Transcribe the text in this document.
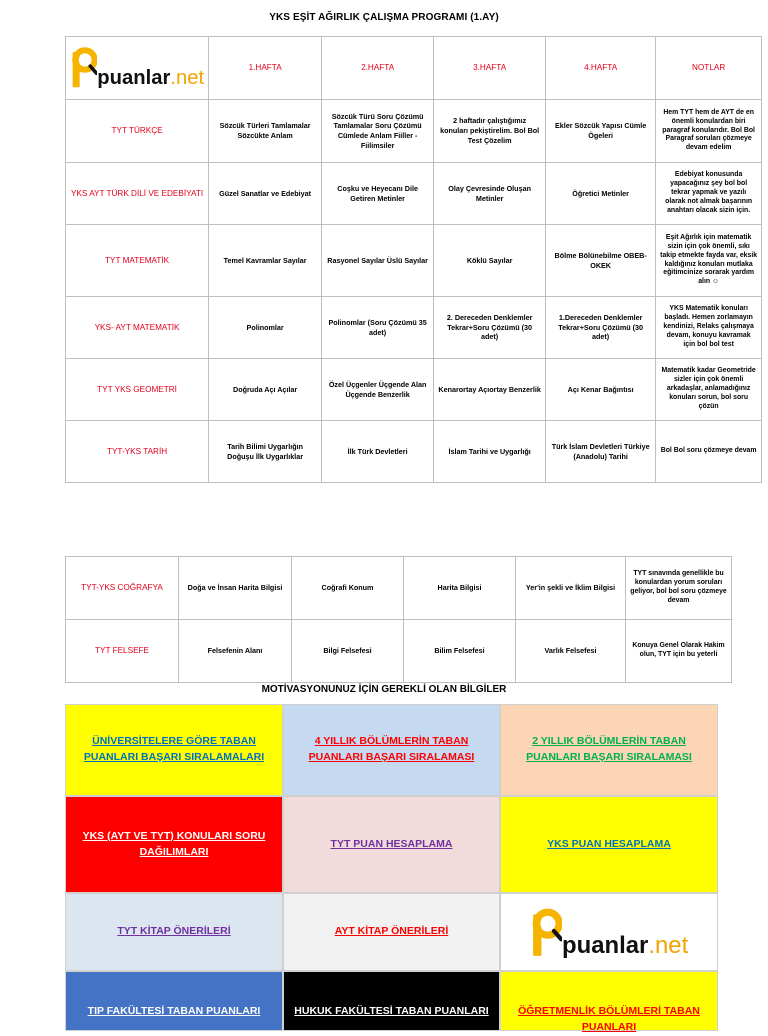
YKS EŞİT AĞIRLIK ÇALIŞMA PROGRAMI (1.AY)
puanlar.net	1.HAFTA	2.HAFTA	3.HAFTA	4.HAFTA	NOTLAR
TYT TÜRKÇE	Sözcük Türleri Tamlamalar Sözcükte Anlam	Sözcük Türü Soru Çözümü Tamlamalar Soru Çözümü Cümlede Anlam Fiiller -Fiilimsiler	2 haftadır çalıştığımız konuları pekiştirelim. Bol Bol Test Çözelim	Ekler Sözcük Yapısı Cümle Ögeleri	Hem TYT hem de AYT de en önemli konulardan biri paragraf konularıdır. Bol Bol Paragraf soruları çözmeye devam edelim
YKS AYT TÜRK DİLİ VE EDEBİYATI	Güzel Sanatlar ve Edebiyat	Coşku ve Heyecanı Dile Getiren Metinler	Olay Çevresinde Oluşan Metinler	Öğretici Metinler	Edebiyat konusunda yapacağınız şey bol bol tekrar yapmak ve yazılı olarak not almak başarının anahtarı olacak sizin için.
TYT MATEMATİK	Temel Kavramlar Sayılar	Rasyonel Sayılar Üslü Sayılar	Köklü Sayılar	Bölme Bölünebilme OBEB-OKEK	Eşit Ağırlık için matematik sizin için çok önemli, sıkı takip etmekte fayda var, eksik kaldığınız konuları mutlaka eğitimcinize sorarak yardım alın ☺
YKS- AYT MATEMATİK	Polinomlar	Polinomlar (Soru Çözümü 35 adet)	2. Dereceden Denklemler Tekrar+Soru Çözümü (30 adet)	1.Dereceden Denklemler Tekrar+Soru Çözümü (30 adet)	YKS Matematik konuları başladı. Hemen zorlamayın kendinizi, Relaks çalışmaya devam, konuyu kavramak için bol bol test
TYT YKS GEOMETRİ	Doğruda Açı Açılar	Özel Üçgenler Üçgende Alan Üçgende Benzerlik	Kenarortay Açıortay Benzerlik	Açı Kenar Bağıntısı	Matematik kadar Geometride sizler için çok önemli arkadaşlar, anlamadığınız konuları sorun, bol soru çözün
TYT-YKS TARİH	Tarih Bilimi Uygarlığın Doğuşu İlk Uygarlıklar	İlk Türk Devletleri	İslam Tarihi ve Uygarlığı	Türk İslam Devletleri Türkiye (Anadolu) Tarihi	Bol Bol soru çözmeye devam
TYT-YKS COĞRAFYA	Doğa ve İnsan Harita Bilgisi	Coğrafi Konum	Harita Bilgisi	Yer'in şekli ve İklim Bilgisi	TYT sınavında genellikle bu konulardan yorum soruları geliyor, bol bol soru çözmeye devam
TYT FELSEFE	Felsefenin Alanı	Bilgi Felsefesi	Bilim Felsefesi	Varlık Felsefesi	Konuya Genel Olarak Hakim olun, TYT için bu yeterli
MOTİVASYONUNUZ İÇİN GEREKLİ OLAN BİLGİLER
ÜNİVERSİTELERE GÖRE TABAN PUANLARI BAŞARI SIRALAMALARI
4 YILLIK BÖLÜMLERİN TABAN PUANLARI BAŞARI SIRALAMASI
2 YILLIK BÖLÜMLERİN TABAN PUANLARI BAŞARI SIRALAMASI
YKS (AYT VE TYT) KONULARI SORU DAĞILIMLARI
TYT PUAN HESAPLAMA	YKS PUAN HESAPLAMA
TYT KİTAP ÖNERİLERİ	AYT KİTAP ÖNERİLERİ
puanlar.net
TIP FAKÜLTESİ TABAN PUANLARI	HUKUK FAKÜLTESİ TABAN PUANLARI	ÖĞRETMENLİK BÖLÜMLERİ TABAN PUANLARI
